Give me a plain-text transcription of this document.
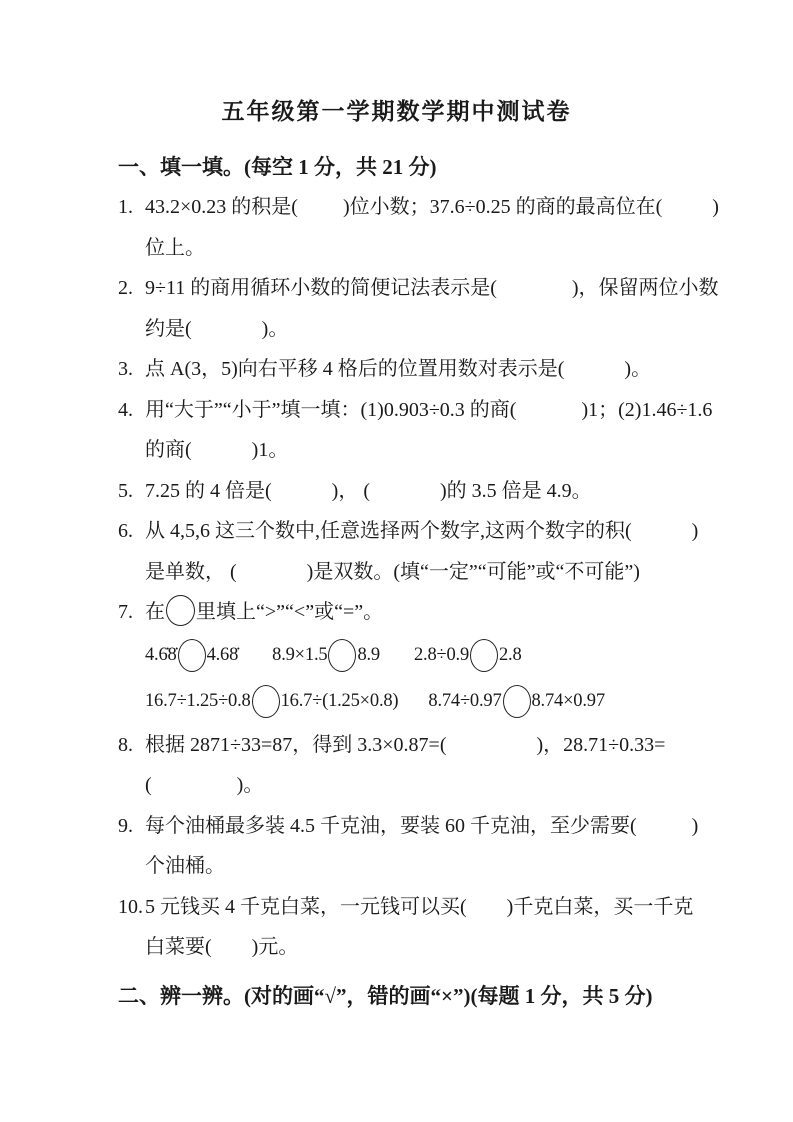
五年级第一学期数学期中测试卷
一、填一填。(每空 1 分，共 21 分)
1. 43.2×0.23 的积是(         )位小数；37.6÷0.25 的商的最高位在(          )
位上。
2. 9÷11 的商用循环小数的简便记法表示是(               )，保留两位小数
约是(              )。
3. 点 A(3，5)向右平移 4 格后的位置用数对表示是(            )。
4. 用“大于”“小于”填一填：(1)0.903÷0.3 的商(             )1；(2)1.46÷1.6
的商(            )1。
5. 7.25 的 4 倍是(            )， (              )的 3.5 倍是 4.9。
6. 从 4,5,6 这三个数中,任意选择两个数字,这两个数字的积(            )
是单数， (              )是双数。(填“一定”“可能”或“不可能”)
7. 在 里填上“>”“<”或“=”。
4.6̇8̇ 4.68̇ 8.9×1.5 8.9 2.8÷0.9 2.8
16.7÷1.25÷0.8 16.7÷(1.25×0.8) 8.74÷0.97 8.74×0.97
8. 根据 2871÷33=87，得到 3.3×0.87=(                  )，28.71÷0.33=
(                 )。
9. 每个油桶最多装 4.5 千克油，要装 60 千克油，至少需要(           )
个油桶。
10. 5 元钱买 4 千克白菜，一元钱可以买(        )千克白菜，买一千克
白菜要(        )元。
二、辨一辨。(对的画“√”，错的画“×”)(每题 1 分，共 5 分)
